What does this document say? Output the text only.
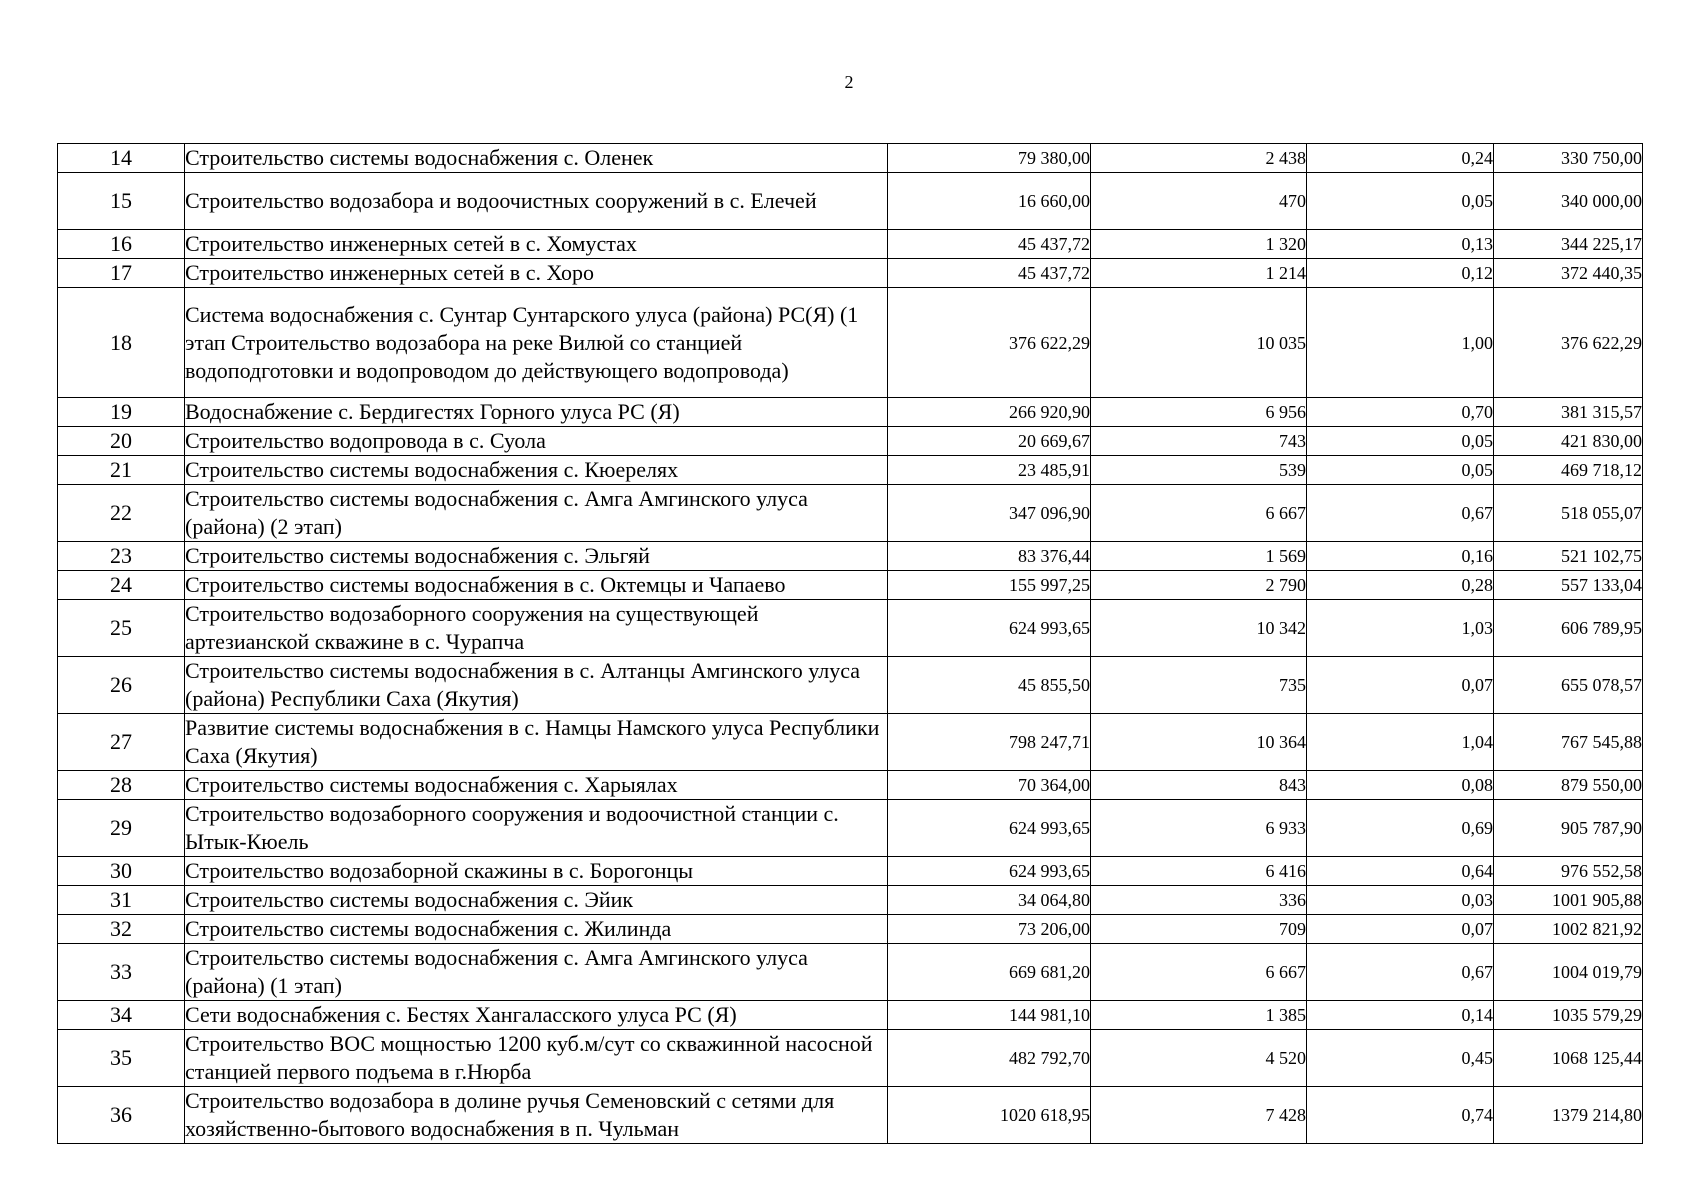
2
14	Строительство системы водоснабжения с. Оленек	79 380,00	2 438	0,24	330 750,00
15	Строительство водозабора и водоочистных сооружений в с. Елечей	16 660,00	470	0,05	340 000,00
16	Строительство инженерных сетей в с. Хомустах	45 437,72	1 320	0,13	344 225,17
17	Строительство инженерных сетей в с. Хоро	45 437,72	1 214	0,12	372 440,35
18	Система водоснабжения с. Сунтар Сунтарского улуса (района) РС(Я) (1 этап Строительство водозабора на реке Вилюй со станцией водоподготовки и водопроводом до действующего водопровода)	376 622,29	10 035	1,00	376 622,29
19	Водоснабжение с. Бердигестях Горного улуса РС (Я)	266 920,90	6 956	0,70	381 315,57
20	Строительство водопровода в с. Суола	20 669,67	743	0,05	421 830,00
21	Строительство системы водоснабжения с. Кюерелях	23 485,91	539	0,05	469 718,12
22	Строительство системы водоснабжения с. Амга Амгинского улуса (района) (2 этап)	347 096,90	6 667	0,67	518 055,07
23	Строительство системы водоснабжения с. Эльгяй	83 376,44	1 569	0,16	521 102,75
24	Строительство системы водоснабжения в с. Октемцы и Чапаево	155 997,25	2 790	0,28	557 133,04
25	Строительство водозаборного сооружения на существующей артезианской скважине в с. Чурапча	624 993,65	10 342	1,03	606 789,95
26	Строительство системы водоснабжения в с. Алтанцы Амгинского улуса (района) Республики Саха (Якутия)	45 855,50	735	0,07	655 078,57
27	Развитие системы водоснабжения в с. Намцы Намского улуса Республики Саха (Якутия)	798 247,71	10 364	1,04	767 545,88
28	Строительство системы водоснабжения с. Харыялах	70 364,00	843	0,08	879 550,00
29	Строительство водозаборного сооружения и водоочистной станции с. Ытык-Кюель	624 993,65	6 933	0,69	905 787,90
30	Строительство водозаборной скажины в с. Борогонцы	624 993,65	6 416	0,64	976 552,58
31	Строительство системы водоснабжения с. Эйик	34 064,80	336	0,03	1001 905,88
32	Строительство системы водоснабжения с. Жилинда	73 206,00	709	0,07	1002 821,92
33	Строительство системы водоснабжения с. Амга Амгинского улуса (района) (1 этап)	669 681,20	6 667	0,67	1004 019,79
34	Сети водоснабжения с. Бестях Хангаласского улуса РС (Я)	144 981,10	1 385	0,14	1035 579,29
35	Строительство ВОС мощностью 1200 куб.м/сут со скважинной насосной станцией первого подъема в г.Нюрба	482 792,70	4 520	0,45	1068 125,44
36	Строительство водозабора в долине ручья Семеновский с сетями для хозяйственно-бытового водоснабжения в п. Чульман	1020 618,95	7 428	0,74	1379 214,80
